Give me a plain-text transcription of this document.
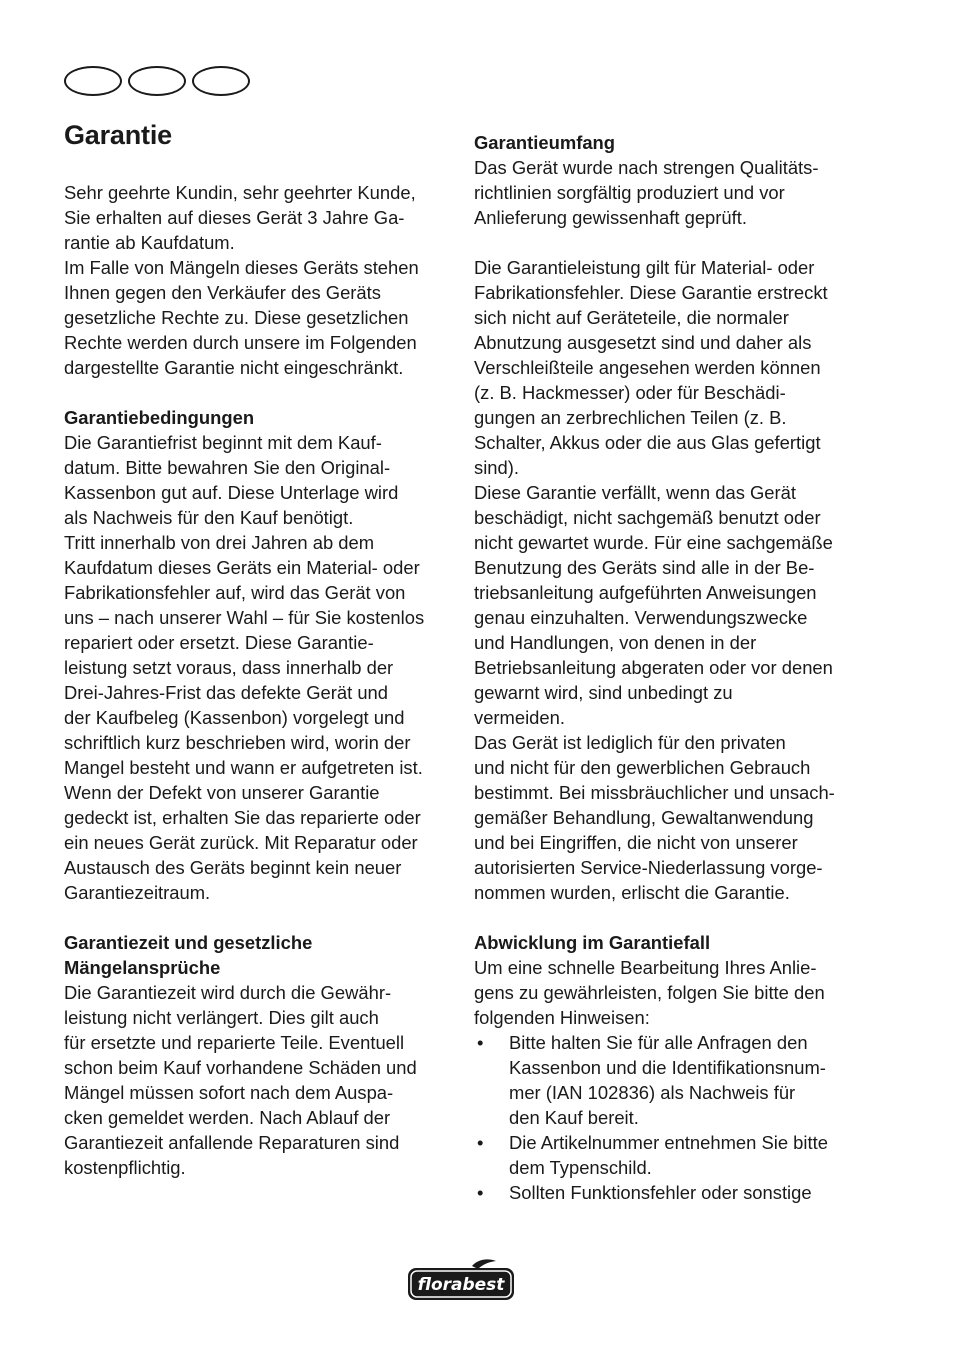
Garantie

Sehr geehrte Kundin, sehr geehrter Kunde,

Sie erhalten auf dieses Gerät 3 Jahre Ga-

rantie ab Kaufdatum.

Im Falle von Mängeln dieses Geräts stehen

Ihnen gegen den Verkäufer des Geräts

gesetzliche Rechte zu. Diese gesetzlichen

Rechte werden durch unsere im Folgenden

dargestellte Garantie nicht eingeschränkt.

Garantiebedingungen

Die Garantiefrist beginnt mit dem Kauf-

datum. Bitte bewahren Sie den Original-

Kassenbon gut auf. Diese Unterlage wird

als Nachweis für den Kauf benötigt.

Tritt innerhalb von drei Jahren ab dem

Kaufdatum dieses Geräts ein Material- oder

Fabrikationsfehler auf, wird das Gerät von

uns – nach unserer Wahl – für Sie kostenlos

repariert oder ersetzt. Diese Garantie-

leistung setzt voraus, dass innerhalb der

Drei-Jahres-Frist das defekte Gerät und

der Kaufbeleg (Kassenbon) vorgelegt und

schriftlich kurz beschrieben wird, worin der

Mangel besteht und wann er aufgetreten ist.

Wenn der Defekt von unserer Garantie

gedeckt ist, erhalten Sie das reparierte oder

ein neues Gerät zurück. Mit Reparatur oder

Austausch des Geräts beginnt kein neuer

Garantiezeitraum.

Garantiezeit und gesetzliche
Mängelansprüche

Die Garantiezeit wird durch die Gewähr-

leistung nicht verlängert. Dies gilt auch

für ersetzte und reparierte Teile. Eventuell

schon beim Kauf vorhandene Schäden und

Mängel müssen sofort nach dem Auspa-

cken gemeldet werden. Nach Ablauf der

Garantiezeit anfallende Reparaturen sind

kostenpflichtig.

Garantieumfang

Das Gerät wurde nach strengen Qualitäts-

richtlinien sorgfältig produziert und vor

Anlieferung gewissenhaft geprüft.

Die Garantieleistung gilt für Material- oder

Fabrikationsfehler. Diese Garantie erstreckt

sich nicht auf Geräteteile, die normaler

Abnutzung ausgesetzt sind und daher als

Verschleißteile angesehen werden können

(z. B. Hackmesser) oder für Beschädi-

gungen an zerbrechlichen Teilen (z. B.

Schalter, Akkus oder die aus Glas gefertigt

sind).

Diese Garantie verfällt, wenn das Gerät

beschädigt, nicht sachgemäß benutzt oder

nicht gewartet wurde. Für eine sachgemäße

Benutzung des Geräts sind alle in der Be-

triebsanleitung aufgeführten Anweisungen

genau einzuhalten. Verwendungszwecke

und Handlungen, von denen in der

Betriebsanleitung abgeraten oder vor denen

gewarnt wird, sind unbedingt zu

vermeiden.

Das Gerät ist lediglich für den privaten

und nicht für den gewerblichen Gebrauch

bestimmt. Bei missbräuchlicher und unsach-

gemäßer Behandlung, Gewaltanwendung

und bei Eingriffen, die nicht von unserer

autorisierten Service-Niederlassung vorge-

nommen wurden, erlischt die Garantie.

Abwicklung im Garantiefall

Um eine schnelle Bearbeitung Ihres Anlie-

gens zu gewährleisten, folgen Sie bitte den

folgenden Hinweisen:

• Bitte halten Sie für alle Anfragen den
Kassenbon und die Identifikationsnum-
mer (IAN 102836) als Nachweis für
den Kauf bereit.
• Die Artikelnummer entnehmen Sie bitte
dem Typenschild.
• Sollten Funktionsfehler oder sonstige
florabest
